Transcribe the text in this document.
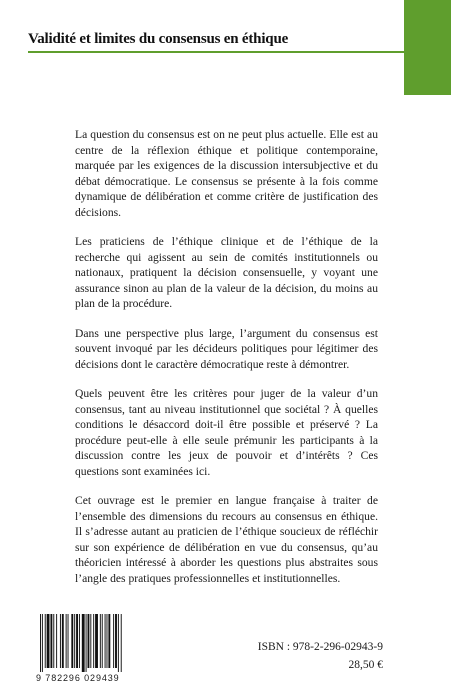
Validité et limites du consensus en éthique

La question du consensus est on ne peut plus actuelle. Elle est au centre de la réflexion éthique et politique contemporaine, marquée par les exigences de la discussion intersubjective et du débat démocratique. Le consensus se présente à la fois comme dynamique de délibération et comme critère de justification des décisions.

Les praticiens de l’éthique clinique et de l’éthique de la recherche qui agissent au sein de comités institutionnels ou nationaux, pratiquent la décision consensuelle, y voyant une assurance sinon au plan de la valeur de la décision, du moins au plan de la procédure.

Dans une perspective plus large, l’argument du consensus est souvent invoqué par les décideurs politiques pour légitimer des décisions dont le caractère démocratique reste à démontrer.

Quels peuvent être les critères pour juger de la valeur d’un consensus, tant au niveau institutionnel que sociétal ? À quelles conditions le désaccord doit-il être possible et préservé ? La procédure peut-elle à elle seule prémunir les participants à la discussion contre les jeux de pouvoir et d’intérêts ? Ces questions sont examinées ici.

Cet ouvrage est le premier en langue française à traiter de l’ensemble des dimensions du recours au consensus en éthique. Il s’adresse autant au praticien de l’éthique soucieux de réfléchir sur son expérience de délibération en vue du consensus, qu’au théoricien intéressé à aborder les questions plus abstraites sous l’angle des pratiques professionnelles et institutionnelles.

9 782296 029439
ISBN : 978-2-296-02943-9
28,50 €
